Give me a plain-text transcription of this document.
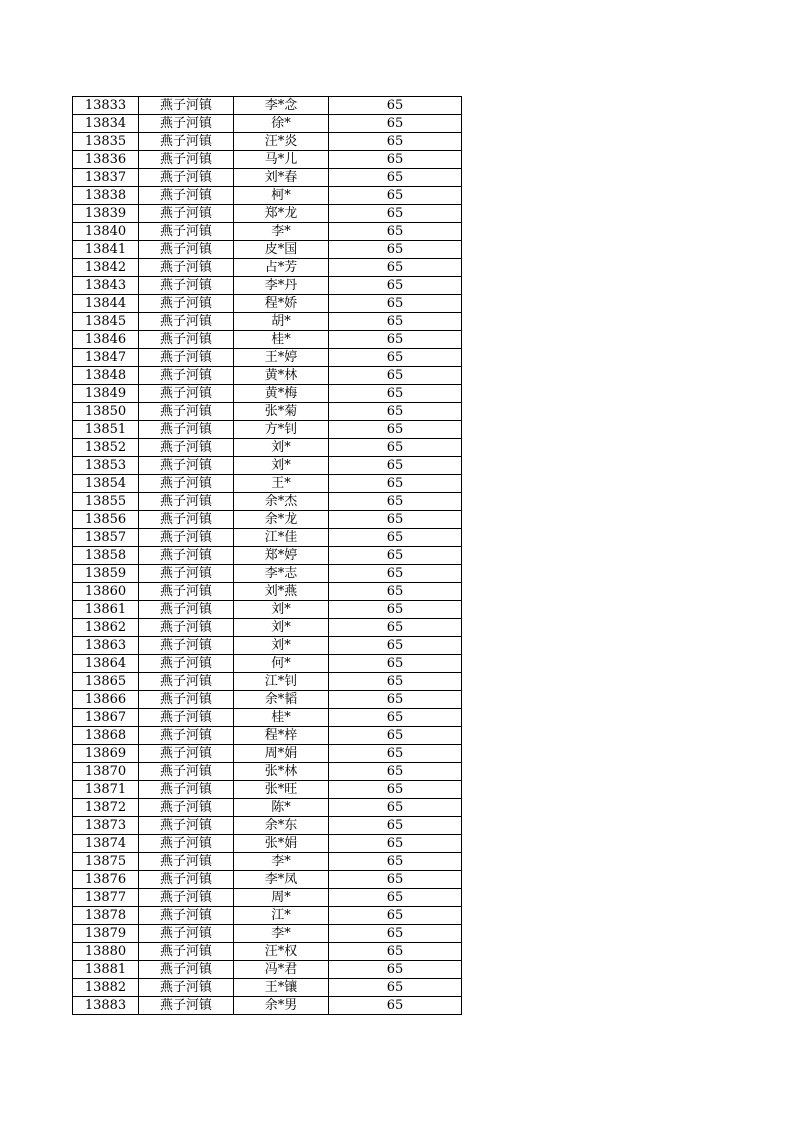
13833	燕子河镇	李*念	65
13834	燕子河镇	徐*	65
13835	燕子河镇	汪*炎	65
13836	燕子河镇	马*儿	65
13837	燕子河镇	刘*春	65
13838	燕子河镇	柯*	65
13839	燕子河镇	郑*龙	65
13840	燕子河镇	李*	65
13841	燕子河镇	皮*国	65
13842	燕子河镇	占*芳	65
13843	燕子河镇	李*丹	65
13844	燕子河镇	程*娇	65
13845	燕子河镇	胡*	65
13846	燕子河镇	桂*	65
13847	燕子河镇	王*婷	65
13848	燕子河镇	黄*林	65
13849	燕子河镇	黄*梅	65
13850	燕子河镇	张*菊	65
13851	燕子河镇	方*钊	65
13852	燕子河镇	刘*	65
13853	燕子河镇	刘*	65
13854	燕子河镇	王*	65
13855	燕子河镇	余*杰	65
13856	燕子河镇	余*龙	65
13857	燕子河镇	江*佳	65
13858	燕子河镇	郑*婷	65
13859	燕子河镇	李*志	65
13860	燕子河镇	刘*燕	65
13861	燕子河镇	刘*	65
13862	燕子河镇	刘*	65
13863	燕子河镇	刘*	65
13864	燕子河镇	何*	65
13865	燕子河镇	江*钊	65
13866	燕子河镇	余*韬	65
13867	燕子河镇	桂*	65
13868	燕子河镇	程*梓	65
13869	燕子河镇	周*娟	65
13870	燕子河镇	张*林	65
13871	燕子河镇	张*旺	65
13872	燕子河镇	陈*	65
13873	燕子河镇	余*东	65
13874	燕子河镇	张*娟	65
13875	燕子河镇	李*	65
13876	燕子河镇	李*凤	65
13877	燕子河镇	周*	65
13878	燕子河镇	江*	65
13879	燕子河镇	李*	65
13880	燕子河镇	汪*权	65
13881	燕子河镇	冯*君	65
13882	燕子河镇	王*镶	65
13883	燕子河镇	余*男	65
